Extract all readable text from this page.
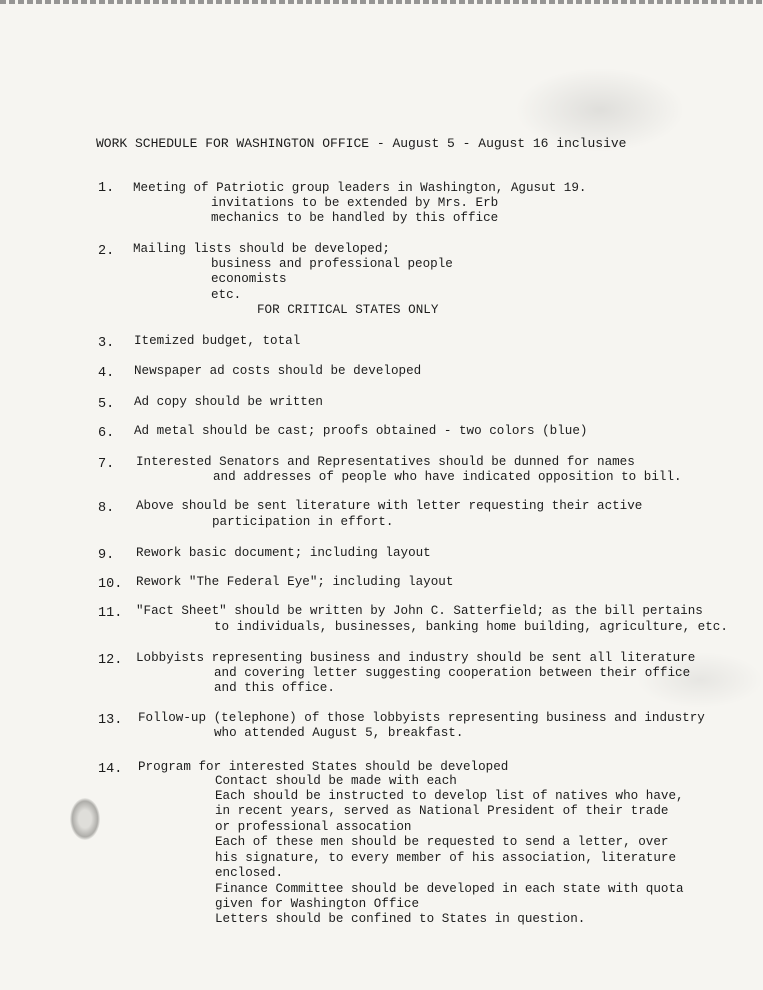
WORK SCHEDULE FOR WASHINGTON OFFICE - August 5 - August 16 inclusive
1. Meeting of Patriotic group leaders in Washington, Agusut 19.
invitations to be extended by Mrs. Erb
mechanics to be handled by this office
2. Mailing lists should be developed;
business and professional people
economists
etc.
FOR CRITICAL STATES ONLY
3. Itemized budget, total
4. Newspaper ad costs should be developed
5. Ad copy should be written
6. Ad metal should be cast; proofs obtained - two colors (blue)
7. Interested Senators and Representatives should be dunned for names
and addresses of people who have indicated opposition to bill.
8. Above should be sent literature with letter requesting their active
participation in effort.
9. Rework basic document; including layout
10. Rework "The Federal Eye"; including layout
11. "Fact Sheet" should be written by John C. Satterfield; as the bill pertains
to individuals, businesses, banking home building, agriculture, etc.
12. Lobbyists representing business and industry should be sent all literature
and covering letter suggesting cooperation between their office
and this office.
13. Follow-up (telephone) of those lobbyists representing business and industry
who attended August 5, breakfast.
14. Program for interested States should be developed
Contact should be made with each
Each should be instructed to develop list of natives who have,
in recent years, served as National President of their trade
or professional assocation
Each of these men should be requested to send a letter, over
his signature, to every member of his association, literature
enclosed.
Finance Committee should be developed in each state with quota
given for Washington Office
Letters should be confined to States in question.
